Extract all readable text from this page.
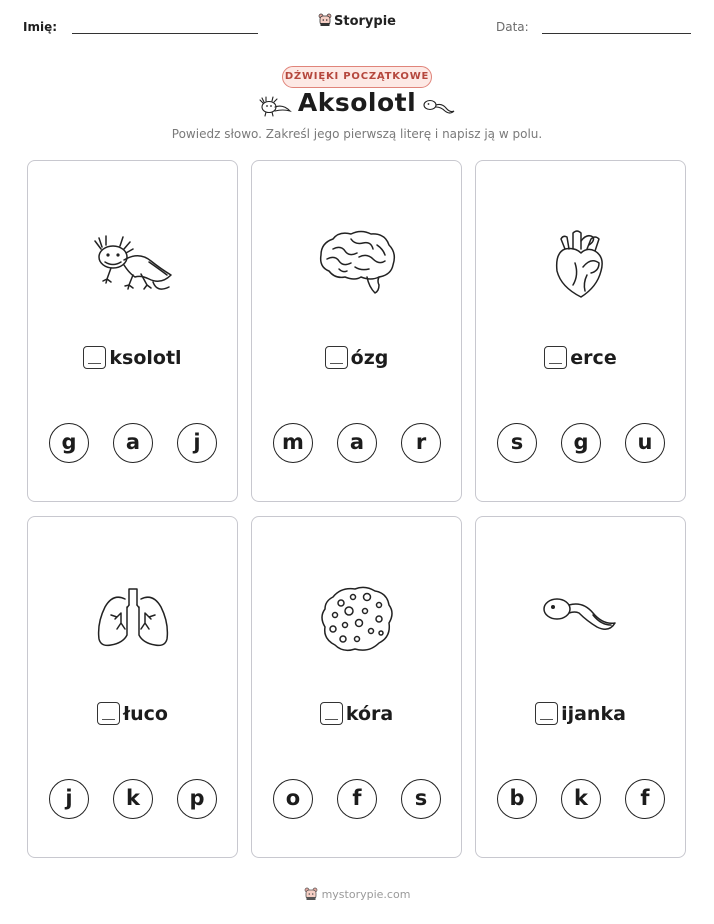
Imię:	Storypie	Data:
DŹWIĘKI POCZĄTKOWE
Aksolotl
Powiedz słowo. Zakreśl jego pierwszą literę i napisz ją w polu.
ksolotl
g	a	j
ózg
m	a	r
erce
s	g	u
łuco
j	k	p
kóra
o	f	s
ijanka
b	k	f
mystorypie.com
